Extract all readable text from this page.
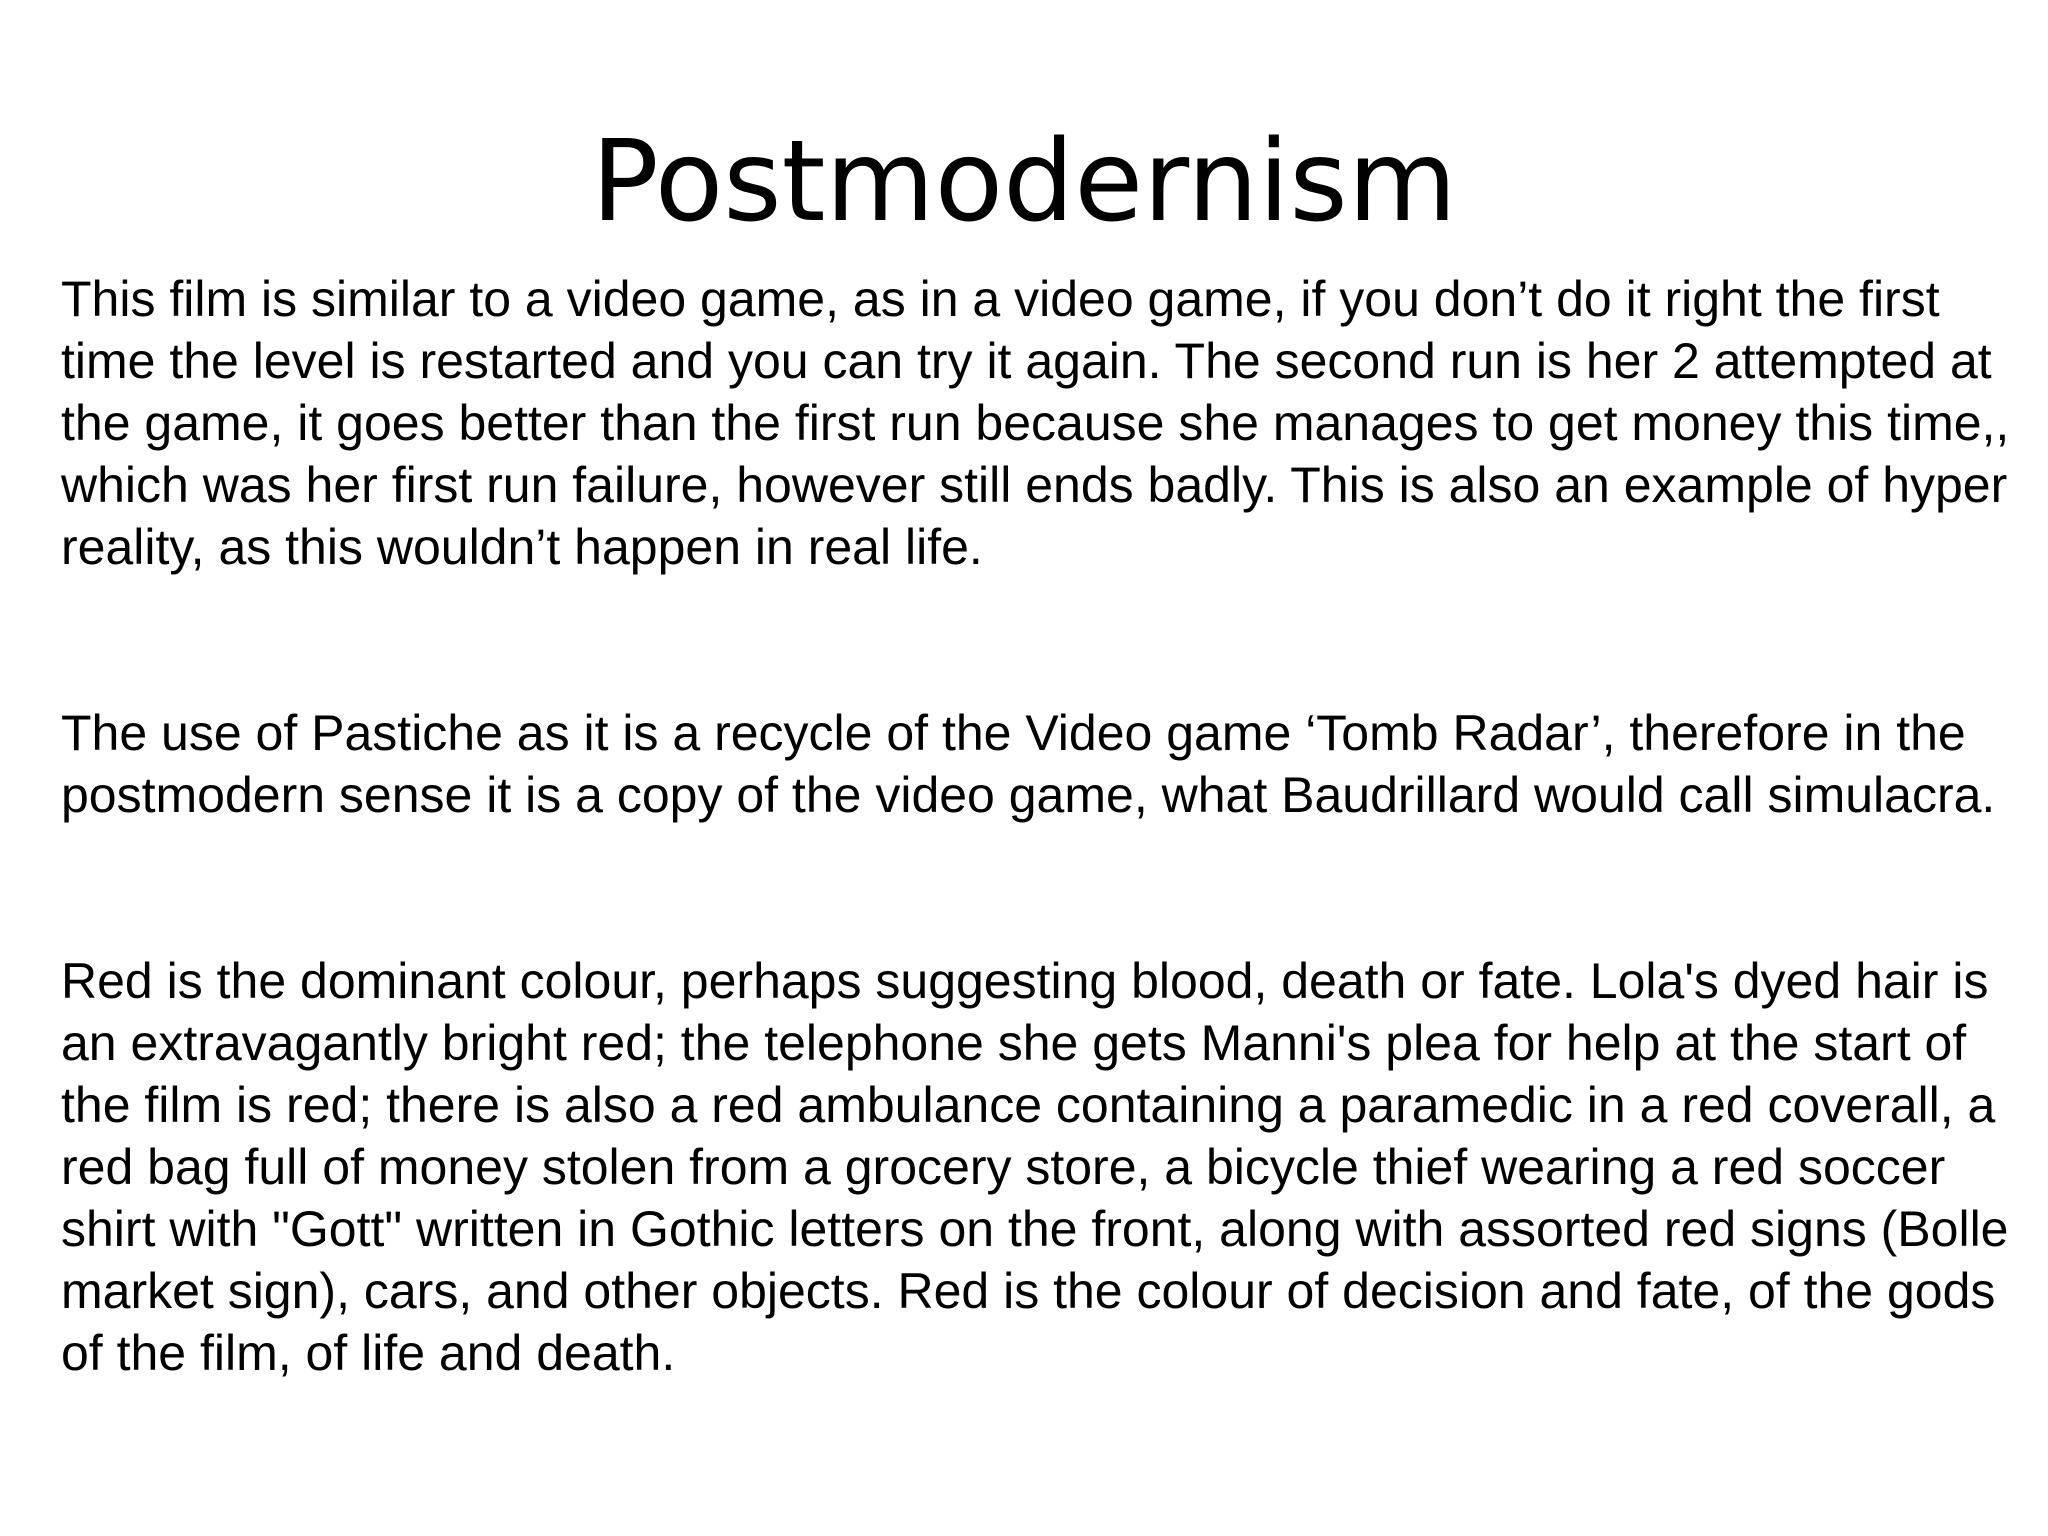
Postmodernism

This film is similar to a video game, as in a video game, if you don’t do it right the first time the level is restarted and you can try it again. The second run is her 2 attempted at the game, it goes better than the first run because she manages to get money this time,, which was her first run failure, however still ends badly. This is also an example of hyper reality, as this wouldn’t happen in real life.

The use of Pastiche as it is a recycle of the Video game ‘Tomb Radar’, therefore in the postmodern sense it is a copy of the video game, what Baudrillard would call simulacra.

Red is the dominant colour, perhaps suggesting blood, death or fate. Lola's dyed hair is an extravagantly bright red; the telephone she gets Manni's plea for help at the start of the film is red; there is also a red ambulance containing a paramedic in a red coverall, a red bag full of money stolen from a grocery store, a bicycle thief wearing a red soccer shirt with "Gott" written in Gothic letters on the front, along with assorted red signs (Bolle market sign), cars, and other objects. Red is the colour of decision and fate, of the gods of the film, of life and death.
